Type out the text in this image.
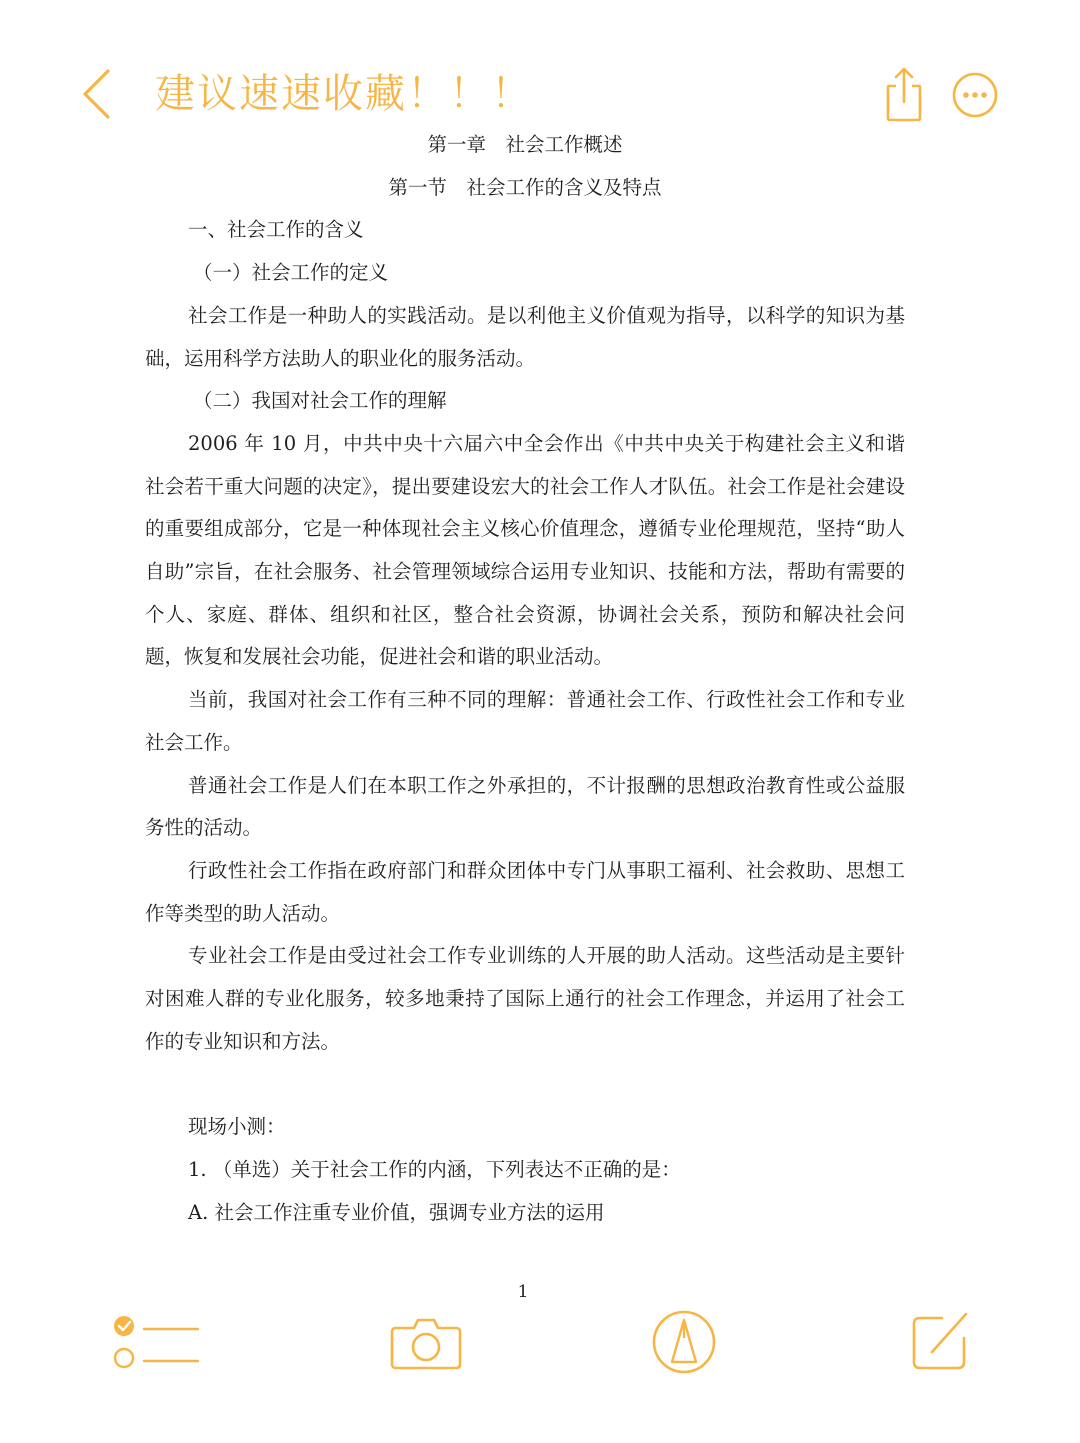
建议速速收藏！！！

第一章　社会工作概述

第一节　社会工作的含义及特点

一、社会工作的含义

（一）社会工作的定义

社会工作是一种助人的实践活动。是以利他主义价值观为指导，以科学的知识为基础，运用科学方法助人的职业化的服务活动。

（二）我国对社会工作的理解

2006 年 10 月，中共中央十六届六中全会作出《中共中央关于构建社会主义和谐社会若干重大问题的决定》，提出要建设宏大的社会工作人才队伍。社会工作是社会建设的重要组成部分，它是一种体现社会主义核心价值理念，遵循专业伦理规范，坚持“助人自助”宗旨，在社会服务、社会管理领域综合运用专业知识、技能和方法，帮助有需要的个人、家庭、群体、组织和社区，整合社会资源，协调社会关系，预防和解决社会问题，恢复和发展社会功能，促进社会和谐的职业活动。

当前，我国对社会工作有三种不同的理解：普通社会工作、行政性社会工作和专业社会工作。

普通社会工作是人们在本职工作之外承担的，不计报酬的思想政治教育性或公益服务性的活动。

行政性社会工作指在政府部门和群众团体中专门从事职工福利、社会救助、思想工作等类型的助人活动。

专业社会工作是由受过社会工作专业训练的人开展的助人活动。这些活动是主要针对困难人群的专业化服务，较多地秉持了国际上通行的社会工作理念，并运用了社会工作的专业知识和方法。

现场小测：

1. （单选）关于社会工作的内涵，下列表达不正确的是：

A. 社会工作注重专业价值，强调专业方法的运用

1
